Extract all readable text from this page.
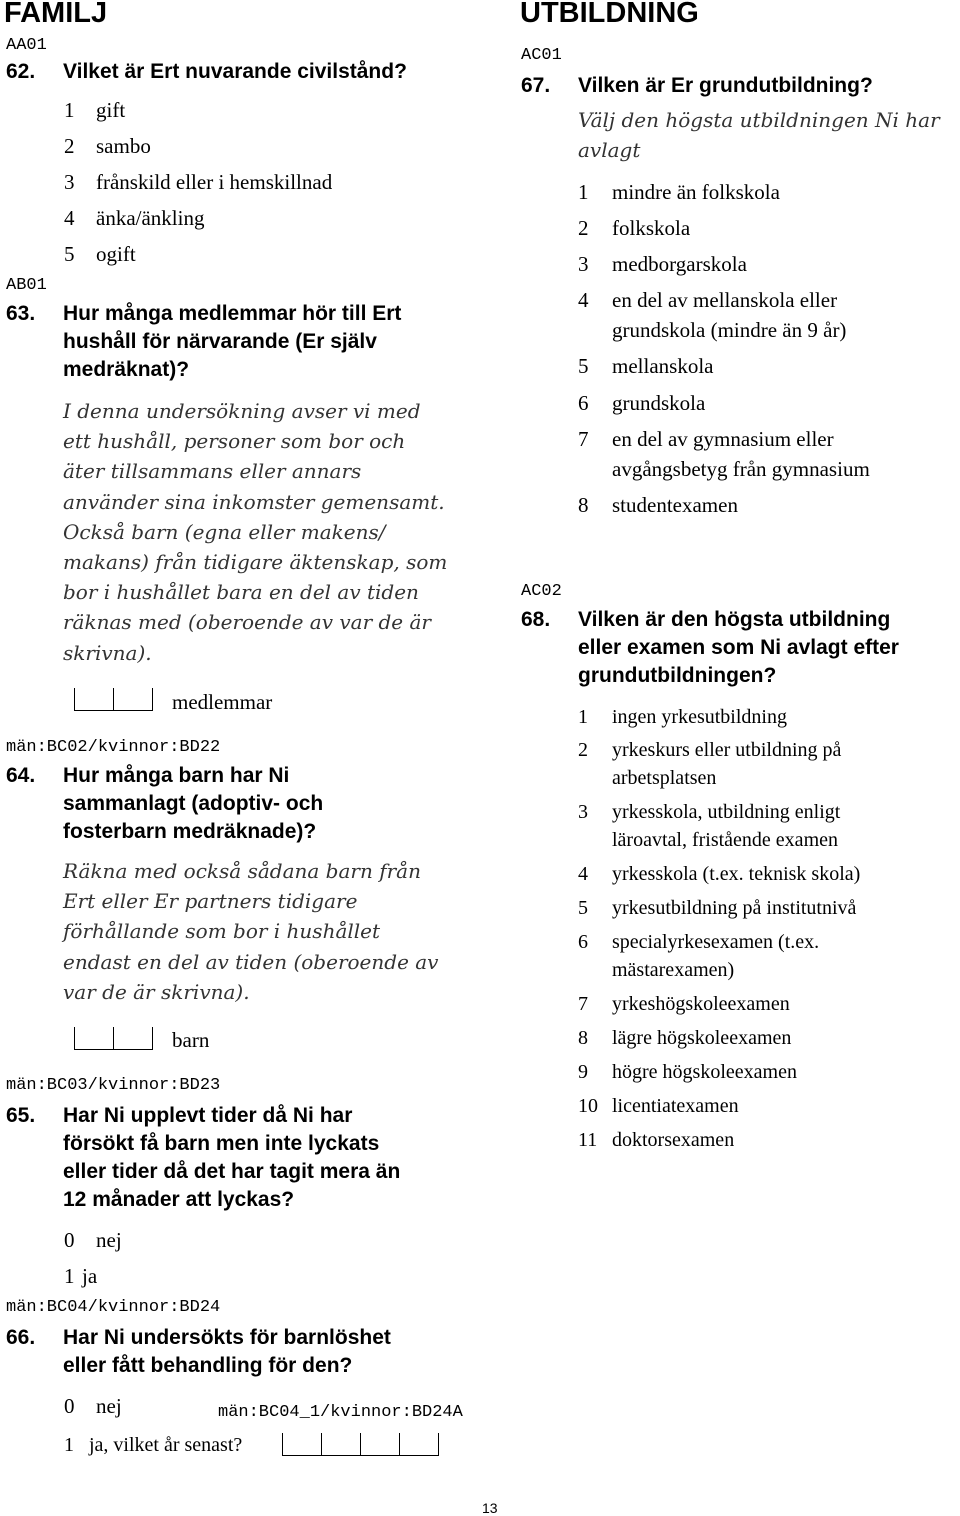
FAMILJ
AA01
62. Vilket är Ert nuvarande civilstånd?
1 gift
2 sambo
3 frånskild eller i hemskillnad
4 änka/änkling
5 ogift
AB01
63. Hur många medlemmar hör till Ert
hushåll för närvarande (Er själv
medräknat)?
I denna undersökning avser vi med
ett hushåll, personer som bor och
äter tillsammans eller annars
använder sina inkomster gemensamt.
Också barn (egna eller makens/
makans) från tidigare äktenskap, som
bor i hushållet bara en del av tiden
räknas med (oberoende av var de är
skrivna).
medlemmar
män:BC02/kvinnor:BD22
64. Hur många barn har Ni
sammanlagt (adoptiv- och
fosterbarn medräknade)?
Räkna med också sådana barn från
Ert eller Er partners tidigare
förhållande som bor i hushållet
endast en del av tiden (oberoende av
var de är skrivna).
barn
män:BC03/kvinnor:BD23
65. Har Ni upplevt tider då Ni har
försökt få barn men inte lyckats
eller tider då det har tagit mera än
12 månader att lyckas?
0 nej
1 ja
män:BC04/kvinnor:BD24
66. Har Ni undersökts för barnlöshet
eller fått behandling för den?
0 nej	män:BC04_1/kvinnor:BD24A
1 ja, vilket år senast?
UTBILDNING
AC01
67. Vilken är Er grundutbildning?
Välj den högsta utbildningen Ni har
avlagt
1 mindre än folkskola
2 folkskola
3 medborgarskola
4 en del av mellanskola eller
grundskola (mindre än 9 år)
5 mellanskola
6 grundskola
7 en del av gymnasium eller
avgångsbetyg från gymnasium
8 studentexamen
AC02
68. Vilken är den högsta utbildning
eller examen som Ni avlagt efter
grundutbildningen?
1 ingen yrkesutbildning
2 yrkeskurs eller utbildning på
arbetsplatsen
3 yrkesskola, utbildning enligt
läroavtal, fristående examen
4 yrkesskola (t.ex. teknisk skola)
5 yrkesutbildning på institutnivå
6 specialyrkesexamen (t.ex.
mästarexamen)
7 yrkeshögskoleexamen
8 lägre högskoleexamen
9 högre högskoleexamen
10 licentiatexamen
11 doktorsexamen
13
